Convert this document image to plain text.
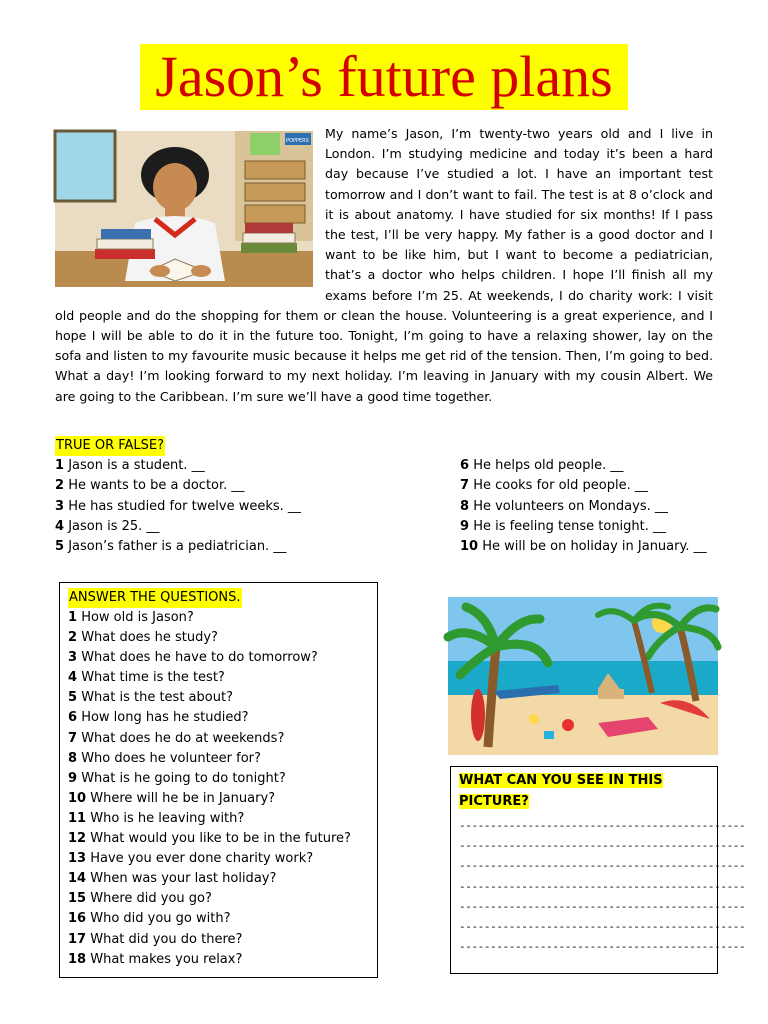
Jason’s future plans
POPPERS	My name’s Jason, I’m twenty-two years old and I live in London. I’m studying medicine and today it’s been a hard day because I’ve studied a lot. I have an important test tomorrow and I don’t want to fail. The test is at 8 o’clock and it is about anatomy. I have studied for six months! If I pass the test, I’ll be very happy. My father is a good doctor and I want to be like him, but I want to become a pediatrician, that’s a doctor who helps children. I hope I’ll finish all my exams before I’m 25. At weekends, I do charity work: I visit old people and do the shopping for them or clean the house. Volunteering is a great experience, and I hope I will be able to do it in the future too. Tonight, I’m going to have a relaxing shower, lay on the sofa and listen to my favourite music because it helps me get rid of the tension. Then, I’m going to bed. What a day! I’m looking forward to my next holiday. I’m leaving in January with my cousin Albert. We are going to the Caribbean. I’m sure we’ll have a good time together.
TRUE OR FALSE?
1 Jason is a student. __
2 He wants to be a doctor. __
3 He has studied for twelve weeks. __
4 Jason is 25. __
5 Jason’s father is a pediatrician. __
6 He helps old people. __
7 He cooks for old people. __
8 He volunteers on Mondays. __
9 He is feeling tense tonight. __
10 He will be on holiday in January. __
ANSWER THE QUESTIONS.
1 How old is Jason?
2 What does he study?
3 What does he have to do tomorrow?
4 What time is the test?
5 What is the test about?
6 How long has he studied?
7 What does he do at weekends?
8 Who does he volunteer for?
9 What is he going to do tonight?
10 Where will he be in January?
11 Who is he leaving with?
12 What would you like to be in the future?
13 Have you ever done charity work?
14 When was your last holiday?
15 Where did you go?
16 Who did you go with?
17 What did you do there?
18 What makes you relax?
WHAT CAN YOU SEE IN THIS PICTURE?
----------------------------------------------
----------------------------------------------
----------------------------------------------
----------------------------------------------
----------------------------------------------
----------------------------------------------
----------------------------------------------
